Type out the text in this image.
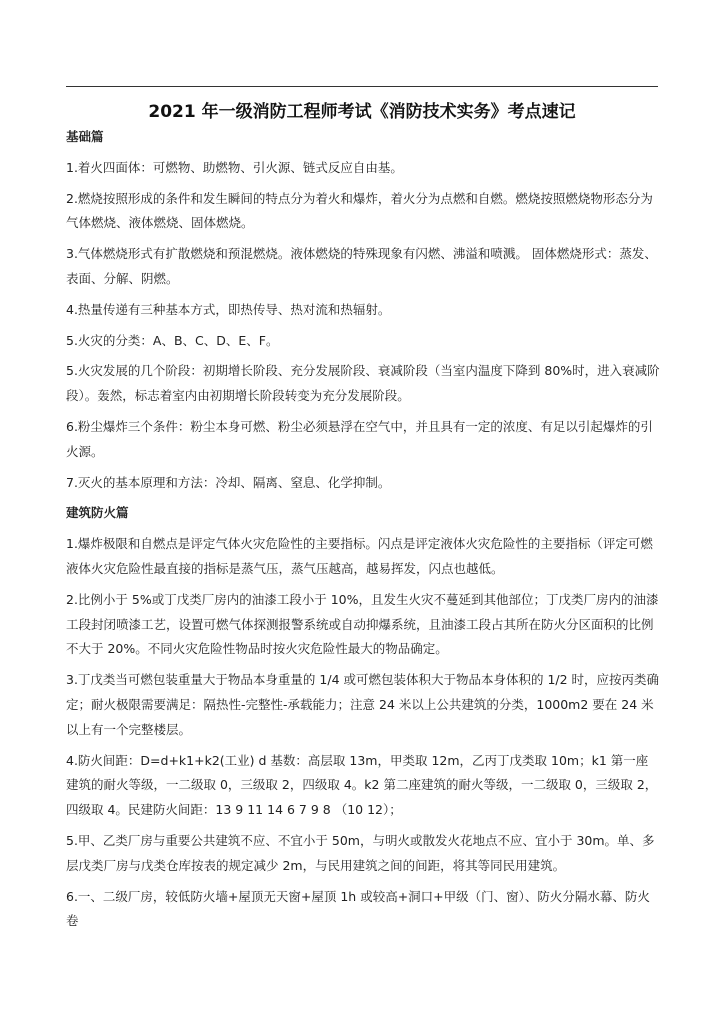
2021 年一级消防工程师考试《消防技术实务》考点速记

基础篇

1.着火四面体：可燃物、助燃物、引火源、链式反应自由基。

2.燃烧按照形成的条件和发生瞬间的特点分为着火和爆炸，着火分为点燃和自燃。燃烧按照燃烧物形态分为气体燃烧、液体燃烧、固体燃烧。

3.气体燃烧形式有扩散燃烧和预混燃烧。液体燃烧的特殊现象有闪燃、沸溢和喷溅。 固体燃烧形式：蒸发、表面、分解、阴燃。

4.热量传递有三种基本方式，即热传导、热对流和热辐射。

5.火灾的分类：A、B、C、D、E、F。

5.火灾发展的几个阶段：初期增长阶段、充分发展阶段、衰减阶段（当室内温度下降到 80%时，进入衰减阶段）。轰然，标志着室内由初期增长阶段转变为充分发展阶段。

6.粉尘爆炸三个条件：粉尘本身可燃、粉尘必须悬浮在空气中，并且具有一定的浓度、有足以引起爆炸的引火源。

7.灭火的基本原理和方法：冷却、隔离、窒息、化学抑制。

建筑防火篇

1.爆炸极限和自燃点是评定气体火灾危险性的主要指标。闪点是评定液体火灾危险性的主要指标（评定可燃液体火灾危险性最直接的指标是蒸气压，蒸气压越高，越易挥发，闪点也越低。

2.比例小于 5%或丁戊类厂房内的油漆工段小于 10%，且发生火灾不蔓延到其他部位；丁戊类厂房内的油漆工段封闭喷漆工艺，设置可燃气体探测报警系统或自动抑爆系统，且油漆工段占其所在防火分区面积的比例不大于 20%。不同火灾危险性物品时按火灾危险性最大的物品确定。

3.丁戊类当可燃包装重量大于物品本身重量的 1/4 或可燃包装体积大于物品本身体积的 1/2 时，应按丙类确定；耐火极限需要满足：隔热性-完整性-承载能力；注意 24 米以上公共建筑的分类，1000m2 要在 24 米以上有一个完整楼层。

4.防火间距：D=d+k1+k2(工业) d 基数：高层取 13m，甲类取 12m，乙丙丁戊类取 10m；k1 第一座建筑的耐火等级，一二级取 0，三级取 2，四级取 4。k2 第二座建筑的耐火等级，一二级取 0，三级取 2，四级取 4。民建防火间距：13 9 11 14 6 7 9 8 （10 12）；

5.甲、乙类厂房与重要公共建筑不应、不宜小于 50m，与明火或散发火花地点不应、宜小于 30m。单、多层戊类厂房与戊类仓库按表的规定减少 2m，与民用建筑之间的间距，将其等同民用建筑。

6.一、二级厂房，较低防火墙+屋顶无天窗+屋顶 1h 或较高+洞口+甲级（门、窗）、防火分隔水幕、防火卷
